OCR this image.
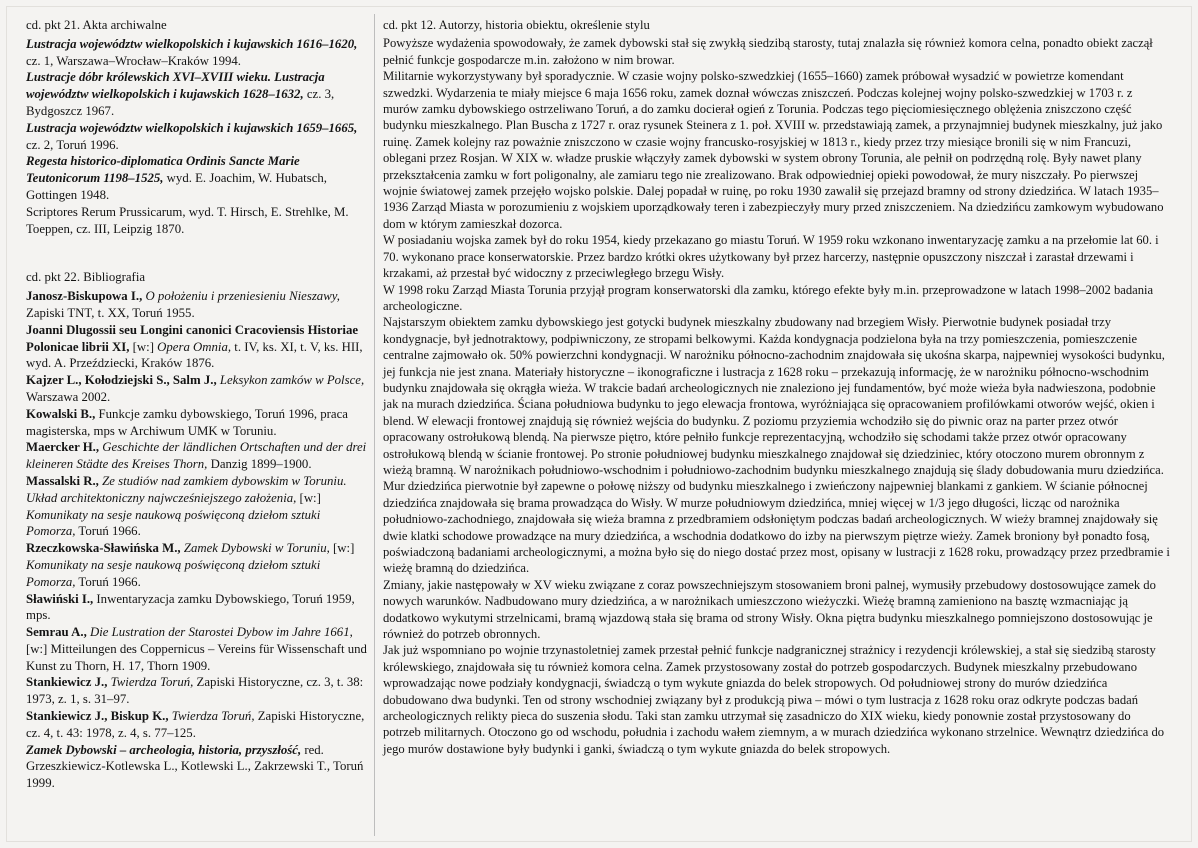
cd. pkt 21. Akta archiwalne

Lustracja województw wielkopolskich i kujawskich 1616–1620, cz. 1, Warszawa–Wrocław–Kraków 1994.

Lustracje dóbr królewskich XVI–XVIII wieku. Lustracja województw wielkopolskich i kujawskich 1628–1632, cz. 3, Bydgoszcz 1967.

Lustracja województw wielkopolskich i kujawskich 1659–1665, cz. 2, Toruń 1996.

Regesta historico-diplomatica Ordinis Sancte Marie Teutonicorum 1198–1525, wyd. E. Joachim, W. Hubatsch, Gottingen 1948.

Scriptores Rerum Prussicarum, wyd. T. Hirsch, E. Strehlke, M. Toeppen, cz. III, Leipzig 1870.

cd. pkt 22. Bibliografia

Janosz-Biskupowa I., O położeniu i przeniesieniu Nieszawy, Zapiski TNT, t. XX, Toruń 1955.

Joanni Dlugossii seu Longini canonici Cracoviensis Historiae Polonicae librii XI, [w:] Opera Omnia, t. IV, ks. XI, t. V, ks. HII, wyd. A. Przeździecki, Kraków 1876.

Kajzer L., Kołodziejski S., Salm J., Leksykon zamków w Polsce, Warszawa 2002.

Kowalski B., Funkcje zamku dybowskiego, Toruń 1996, praca magisterska, mps w Archiwum UMK w Toruniu.

Maercker H., Geschichte der ländlichen Ortschaften und der drei kleineren Städte des Kreises Thorn, Danzig 1899–1900.

Massalski R., Ze studiów nad zamkiem dybowskim w Toruniu. Układ architektoniczny najwcześniejszego założenia, [w:] Komunikaty na sesje naukową poświęconą dziełom sztuki Pomorza, Toruń 1966.

Rzeczkowska-Sławińska M., Zamek Dybowski w Toruniu, [w:] Komunikaty na sesje naukową poświęconą dziełom sztuki Pomorza, Toruń 1966.

Sławiński I., Inwentaryzacja zamku Dybowskiego, Toruń 1959, mps.

Semrau A., Die Lustration der Starostei Dybow im Jahre 1661, [w:] Mitteilungen des Coppernicus – Vereins für Wissenschaft und Kunst zu Thorn, H. 17, Thorn 1909.

Stankiewicz J., Twierdza Toruń, Zapiski Historyczne, cz. 3, t. 38: 1973, z. 1, s. 31–97.

Stankiewicz J., Biskup K., Twierdza Toruń, Zapiski Historyczne, cz. 4, t. 43: 1978, z. 4, s. 77–125.

Zamek Dybowski – archeologia, historia, przyszłość, red. Grzeszkiewicz-Kotlewska L., Kotlewski L., Zakrzewski T., Toruń 1999.

cd. pkt 12. Autorzy, historia obiektu, określenie stylu

Powyższe wydażenia spowodowały, że zamek dybowski stał się zwykłą siedzibą starosty, tutaj znalazła się również komora celna, ponadto obiekt zaczął pełnić funkcje gospodarcze m.in. założono w nim browar.

Militarnie wykorzystywany był sporadycznie. W czasie wojny polsko-szwedzkiej (1655–1660) zamek próbował wysadzić w powietrze komendant szwedzki. Wydarzenia te miały miejsce 6 maja 1656 roku, zamek doznał wówczas zniszczeń. Podczas kolejnej wojny polsko-szwedzkiej w 1703 r. z murów zamku dybowskiego ostrzeliwano Toruń, a do zamku docierał ogień z Torunia. Podczas tego pięciomiesięcznego oblężenia zniszczono część budynku mieszkalnego. Plan Buscha z 1727 r. oraz rysunek Steinera z 1. poł. XVIII w. przedstawiają zamek, a przynajmniej budynek mieszkalny, już jako ruinę. Zamek kolejny raz poważnie zniszczono w czasie wojny francusko-rosyjskiej w 1813 r., kiedy przez trzy miesiące bronili się w nim Francuzi, oblegani przez Rosjan. W XIX w. władze pruskie włączyły zamek dybowski w system obrony Torunia, ale pełnił on podrzędną rolę. Były nawet plany przekształcenia zamku w fort poligonalny, ale zamiaru tego nie zrealizowano. Brak odpowiedniej opieki powodował, że mury niszczały. Po pierwszej wojnie światowej zamek przejęło wojsko polskie. Dalej popadał w ruinę, po roku 1930 zawalił się przejazd bramny od strony dziedzińca. W latach 1935–1936 Zarząd Miasta w porozumieniu z wojskiem uporządkowały teren i zabezpieczyły mury przed zniszczeniem. Na dziedzińcu zamkowym wybudowano dom w którym zamieszkał dozorca.

W posiadaniu wojska zamek był do roku 1954, kiedy przekazano go miastu Toruń. W 1959 roku wzkonano inwentaryzację zamku a na przełomie lat 60. i 70. wykonano prace konserwatorskie. Przez bardzo krótki okres użytkowany był przez harcerzy, następnie opuszczony niszczał i zarastał drzewami i krzakami, aż przestał być widoczny z przeciwległego brzegu Wisły.

W 1998 roku Zarząd Miasta Torunia przyjął program konserwatorski dla zamku, którego efekte były m.in. przeprowadzone w latach 1998–2002 badania archeologiczne.

Najstarszym obiektem zamku dybowskiego jest gotycki budynek mieszkalny zbudowany nad brzegiem Wisły. Pierwotnie budynek posiadał trzy kondygnacje, był jednotraktowy, podpiwniczony, ze stropami belkowymi. Każda kondygnacja podzielona była na trzy pomieszczenia, pomieszczenie centralne zajmowało ok. 50% powierzchni kondygnacji. W narożniku północno-zachodnim znajdowała się ukośna skarpa, najpewniej wysokości budynku, jej funkcja nie jest znana. Materiały historyczne – ikonograficzne i lustracja z 1628 roku – przekazują informację, że w narożniku północno-wschodnim budynku znajdowała się okrągła wieża. W trakcie badań archeologicznych nie znaleziono jej fundamentów, być może wieża była nadwieszona, podobnie jak na murach dziedzińca. Ściana południowa budynku to jego elewacja frontowa, wyróżniająca się opracowaniem profilówkami otworów wejść, okien i blend. W elewacji frontowej znajdują się również wejścia do budynku. Z poziomu przyziemia wchodziło się do piwnic oraz na parter przez otwór opracowany ostrołukową blendą. Na pierwsze piętro, które pełniło funkcje reprezentacyjną, wchodziło się schodami także przez otwór opracowany ostrołukową blendą w ścianie frontowej. Po stronie południowej budynku mieszkalnego znajdował się dziedziniec, który otoczono murem obronnym z wieżą bramną. W narożnikach południowo-wschodnim i południowo-zachodnim budynku mieszkalnego znajdują się ślady dobudowania muru dziedzińca. Mur dziedzińca pierwotnie był zapewne o połowę niższy od budynku mieszkalnego i zwieńczony najpewniej blankami z gankiem. W ścianie północnej dziedzińca znajdowała się brama prowadząca do Wisły. W murze południowym dziedzińca, mniej więcej w 1/3 jego długości, licząc od narożnika południowo-zachodniego, znajdowała się wieża bramna z przedbramiem odsłoniętym podczas badań archeologicznych. W wieży bramnej znajdowały się dwie klatki schodowe prowadzące na mury dziedzińca, a wschodnia dodatkowo do izby na pierwszym piętrze wieży. Zamek broniony był ponadto fosą, poświadczoną badaniami archeologicznymi, a można było się do niego dostać przez most, opisany w lustracji z 1628 roku, prowadzący przez przedbramie i wieżę bramną do dziedzińca.

Zmiany, jakie następowały w XV wieku związane z coraz powszechniejszym stosowaniem broni palnej, wymusiły przebudowy dostosowujące zamek do nowych warunków. Nadbudowano mury dziedzińca, a w narożnikach umieszczono wieżyczki. Wieżę bramną zamieniono na basztę wzmacniając ją dodatkowo wykutymi strzelnicami, bramą wjazdową stała się brama od strony Wisły. Okna piętra budynku mieszkalnego pomniejszono dostosowując je również do potrzeb obronnych.

Jak już wspomniano po wojnie trzynastoletniej zamek przestał pełnić funkcje nadgranicznej strażnicy i rezydencji królewskiej, a stał się siedzibą starosty królewskiego, znajdowała się tu również komora celna. Zamek przystosowany został do potrzeb gospodarczych. Budynek mieszkalny przebudowano wprowadzając nowe podziały kondygnacji, świadczą o tym wykute gniazda do belek stropowych. Od południowej strony do murów dziedzińca dobudowano dwa budynki. Ten od strony wschodniej związany był z produkcją piwa – mówi o tym lustracja z 1628 roku oraz odkryte podczas badań archeologicznych relikty pieca do suszenia słodu. Taki stan zamku utrzymał się zasadniczo do XIX wieku, kiedy ponownie został przystosowany do potrzeb militarnych. Otoczono go od wschodu, południa i zachodu wałem ziemnym, a w murach dziedzińca wykonano strzelnice. Wewnątrz dziedzińca do jego murów dostawione były budynki i ganki, świadczą o tym wykute gniazda do belek stropowych.
